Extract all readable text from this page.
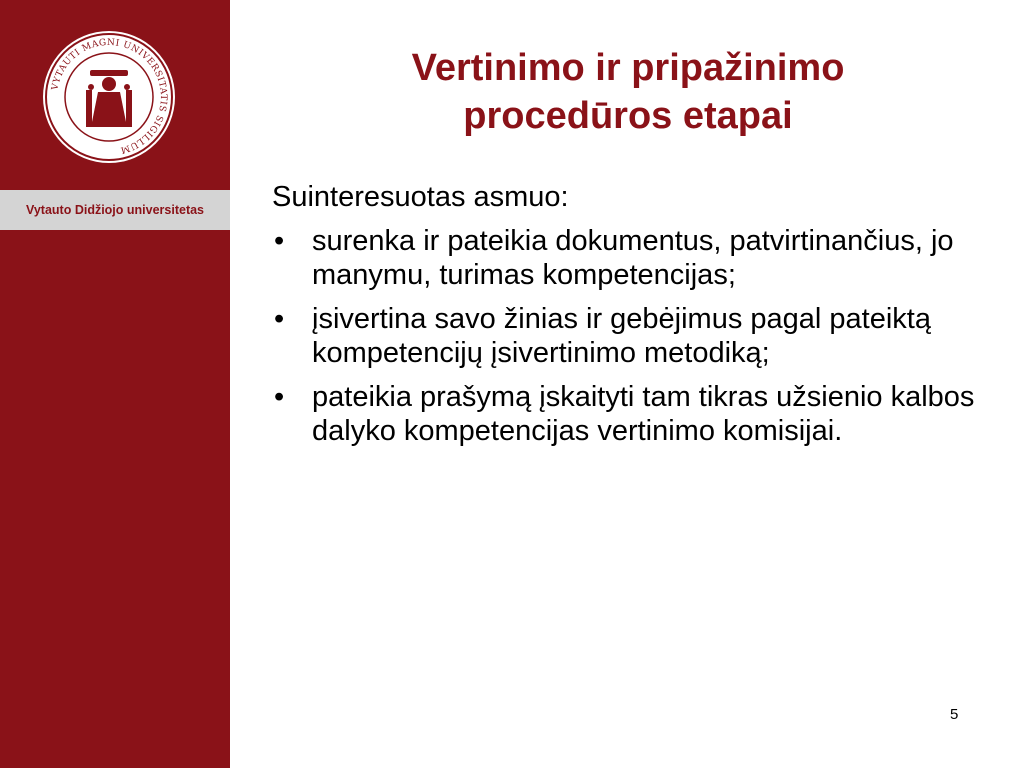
VYTAUTI MAGNI UNIVERSITATIS SIGILLUM
Vytauto Didžiojo universitetas
Vertinimo ir pripažinimo
procedūros etapai

Suinteresuotas asmuo:

• surenka ir pateikia dokumentus, patvirtinančius, jo manymu, turimas kompetencijas;
• įsivertina savo žinias ir gebėjimus pagal pateiktą kompetencijų įsivertinimo metodiką;
• pateikia prašymą įskaityti tam tikras užsienio kalbos dalyko kompetencijas vertinimo komisijai.
5
